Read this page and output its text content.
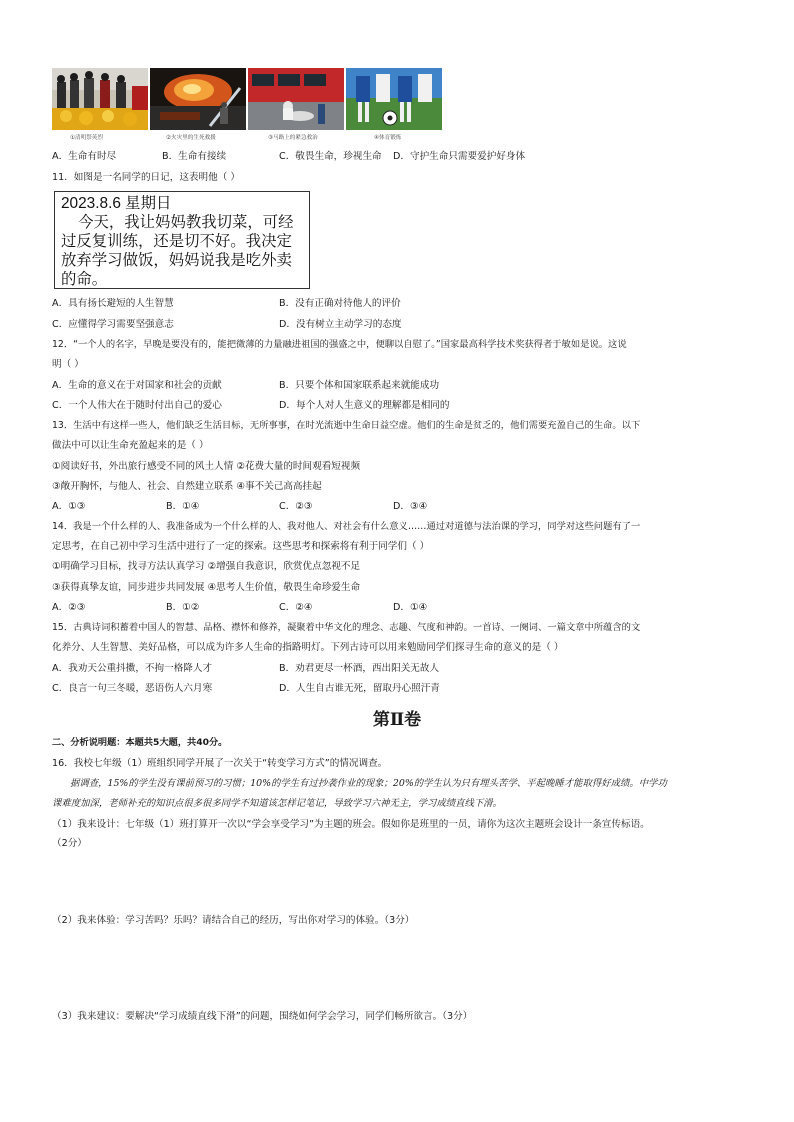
①清明祭英烈	②火灾里的生死救援	③马路上的紧急救治	④体育锻炼
A．生命有时尽	B．生命有接续	C．敬畏生命，珍视生命 D．守护生命只需要爱护好身体
11．如图是一名同学的日记，这表明他（ ）
2023.8.6 星期日
今天，我让妈妈教我切菜，可经
过反复训练，还是切不好。我决定
放弃学习做饭，妈妈说我是吃外卖
的命。
A．具有扬长避短的人生智慧	B．没有正确对待他人的评价
C．应懂得学习需要坚强意志	D．没有树立主动学习的态度
12．“一个人的名字，早晚是要没有的，能把微薄的力量融进祖国的强盛之中，便聊以自慰了。”国家最高科学技术奖获得者于敏如是说。这说
明（ ）
A．生命的意义在于对国家和社会的贡献	B．只要个体和国家联系起来就能成功
C．一个人伟大在于随时付出自己的爱心	D．每个人对人生意义的理解都是相同的
13．生活中有这样一些人，他们缺乏生活目标，无所事事，在时光流逝中生命日益空虚。他们的生命是贫乏的，他们需要充盈自己的生命。以下
做法中可以让生命充盈起来的是（ ）
①阅读好书，外出旅行感受不同的风土人情 ②花费大量的时间观看短视频
③敞开胸怀，与他人、社会、自然建立联系 ④事不关己高高挂起
A．①③	B．①④	C．②③	D．③④
14．我是一个什么样的人、我准备成为一个什么样的人、我对他人、对社会有什么意义……通过对道德与法治课的学习，同学对这些问题有了一
定思考，在自己初中学习生活中进行了一定的探索。这些思考和探索将有利于同学们（ ）
①明确学习目标，找寻方法认真学习 ②增强自我意识，欣赏优点忽视不足
③获得真挚友谊，同步进步共同发展 ④思考人生价值，敬畏生命珍爱生命
A．②③	B．①②	C．②④	D．①④
15．古典诗词积蓄着中国人的智慧、品格、襟怀和修养，凝聚着中华文化的理念、志趣、气度和神韵。一首诗、一阕词、一篇文章中所蕴含的文
化养分、人生智慧、美好品格，可以成为许多人生命的指路明灯。下列古诗可以用来勉励同学们探寻生命的意义的是（ ）
A．我劝天公重抖擞，不拘一格降人才	B．劝君更尽一杯酒，西出阳关无故人
C．良言一句三冬暖，恶语伤人六月寒	D．人生自古谁无死，留取丹心照汗青
第Ⅱ卷
二、分析说明题：本题共5大题，共40分。
16．我校七年级（1）班组织同学开展了一次关于“转变学习方式”的情况调查。
据调查，15%的学生没有课前预习的习惯；10%的学生有过抄袭作业的现象；20%的学生认为只有埋头苦学、平起晚睡才能取得好成绩。中学功
课难度加深，老师补充的知识点很多很多同学不知道该怎样记笔记，导致学习六神无主，学习成绩直线下滑。
（1）我来设计：七年级（1）班打算开一次以“学会享受学习”为主题的班会。假如你是班里的一员，请你为这次主题班会设计一条宣传标语。
（2分）
（2）我来体验：学习苦吗？乐吗？请结合自己的经历，写出你对学习的体验。（3分）
（3）我来建议：要解决“学习成绩直线下滑”的问题，围绕如何学会学习，同学们畅所欲言。（3分）
